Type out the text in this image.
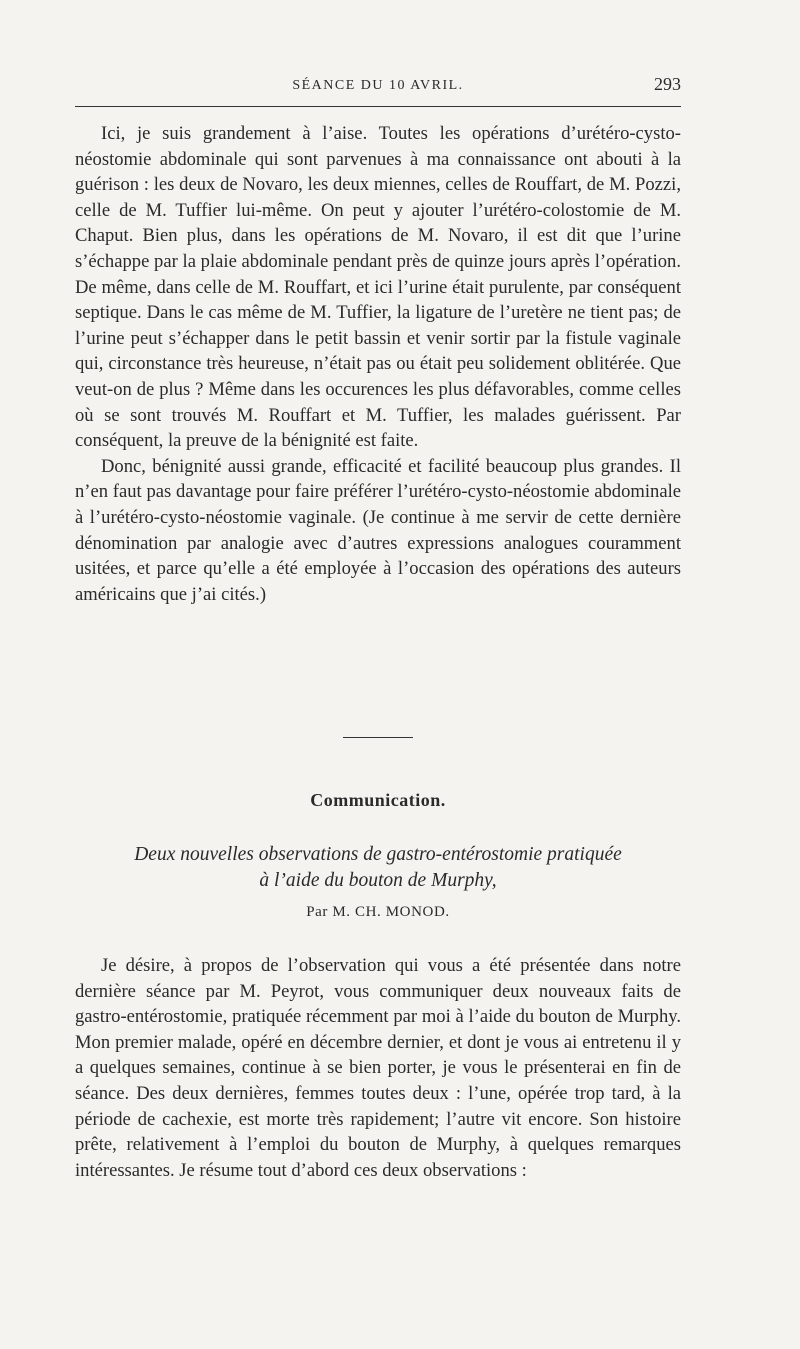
SÉANCE DU 10 AVRIL.	293

Ici, je suis grandement à l’aise. Toutes les opérations d’urétéro-cysto-néostomie abdominale qui sont parvenues à ma connaissance ont abouti à la guérison : les deux de Novaro, les deux miennes, celles de Rouffart, de M. Pozzi, celle de M. Tuffier lui-même. On peut y ajouter l’urétéro-colostomie de M. Chaput. Bien plus, dans les opérations de M. Novaro, il est dit que l’urine s’échappe par la plaie abdominale pendant près de quinze jours après l’opération. De même, dans celle de M. Rouffart, et ici l’urine était purulente, par conséquent septique. Dans le cas même de M. Tuffier, la ligature de l’uretère ne tient pas; de l’urine peut s’échapper dans le petit bassin et venir sortir par la fistule vaginale qui, circonstance très heureuse, n’était pas ou était peu solidement oblitérée. Que veut-on de plus ? Même dans les occurences les plus défavorables, comme celles où se sont trouvés M. Rouffart et M. Tuffier, les malades guérissent. Par conséquent, la preuve de la bénignité est faite.

Donc, bénignité aussi grande, efficacité et facilité beaucoup plus grandes. Il n’en faut pas davantage pour faire préférer l’urétéro-cysto-néostomie abdominale à l’urétéro-cysto-néostomie vaginale. (Je continue à me servir de cette dernière dénomination par analogie avec d’autres expressions analogues couramment usitées, et parce qu’elle a été employée à l’occasion des opérations des auteurs américains que j’ai cités.)

Communication.
Deux nouvelles observations de gastro-entérostomie pratiquée
à l’aide du bouton de Murphy,
Par M. CH. MONOD.

Je désire, à propos de l’observation qui vous a été présentée dans notre dernière séance par M. Peyrot, vous communiquer deux nouveaux faits de gastro-entérostomie, pratiquée récemment par moi à l’aide du bouton de Murphy. Mon premier malade, opéré en décembre dernier, et dont je vous ai entretenu il y a quelques semaines, continue à se bien porter, je vous le présenterai en fin de séance. Des deux dernières, femmes toutes deux : l’une, opérée trop tard, à la période de cachexie, est morte très rapidement; l’autre vit encore. Son histoire prête, relativement à l’emploi du bouton de Murphy, à quelques remarques intéressantes. Je résume tout d’abord ces deux observations :
